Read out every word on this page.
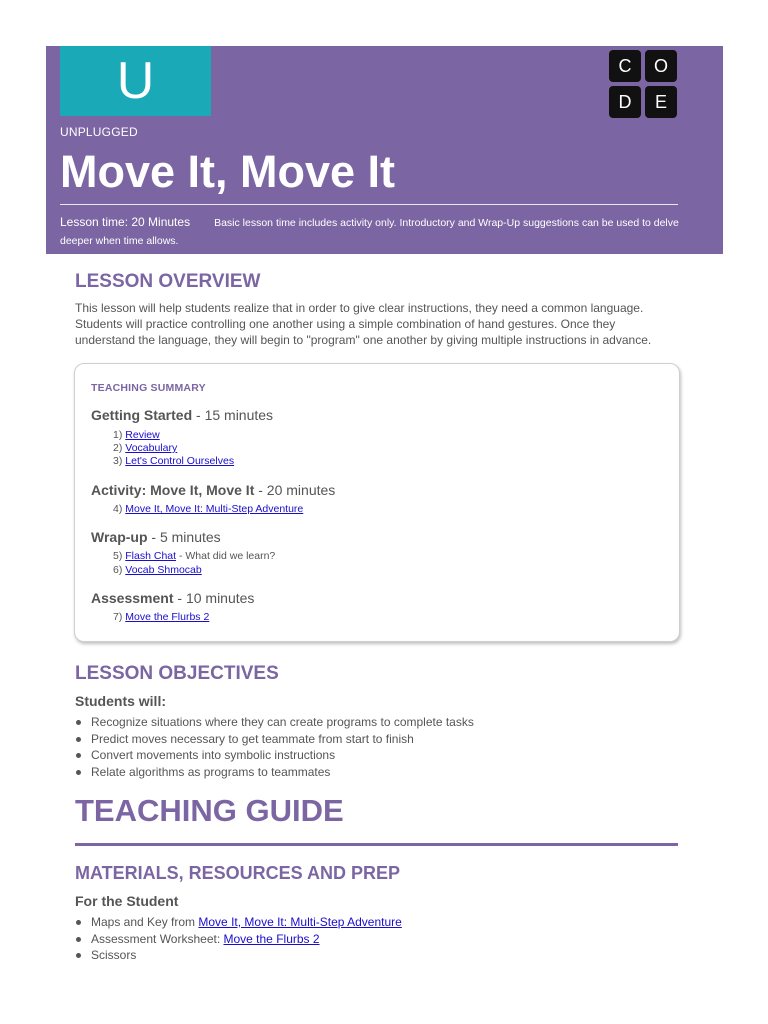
U	C	O
D	E
UNPLUGGED
Move It, Move It
Lesson time: 20 Minutes Basic lesson time includes activity only. Introductory and Wrap-Up suggestions can be used to delve deeper when time allows.
LESSON OVERVIEW
This lesson will help students realize that in order to give clear instructions, they need a common language. Students will practice controlling one another using a simple combination of hand gestures. Once they understand the language, they will begin to "program" one another by giving multiple instructions in advance.
TEACHING SUMMARY
Getting Started - 15 minutes
1) Review
2) Vocabulary
3) Let's Control Ourselves
Activity: Move It, Move It - 20 minutes
4) Move It, Move It: Multi-Step Adventure
Wrap-up - 5 minutes
5) Flash Chat - What did we learn?
6) Vocab Shmocab
Assessment - 10 minutes
7) Move the Flurbs 2
LESSON OBJECTIVES
Students will:
Recognize situations where they can create programs to complete tasks
Predict moves necessary to get teammate from start to finish
Convert movements into symbolic instructions
Relate algorithms as programs to teammates
TEACHING GUIDE
MATERIALS, RESOURCES AND PREP
For the Student
Maps and Key from Move It, Move It: Multi-Step Adventure
Assessment Worksheet: Move the Flurbs 2
Scissors
